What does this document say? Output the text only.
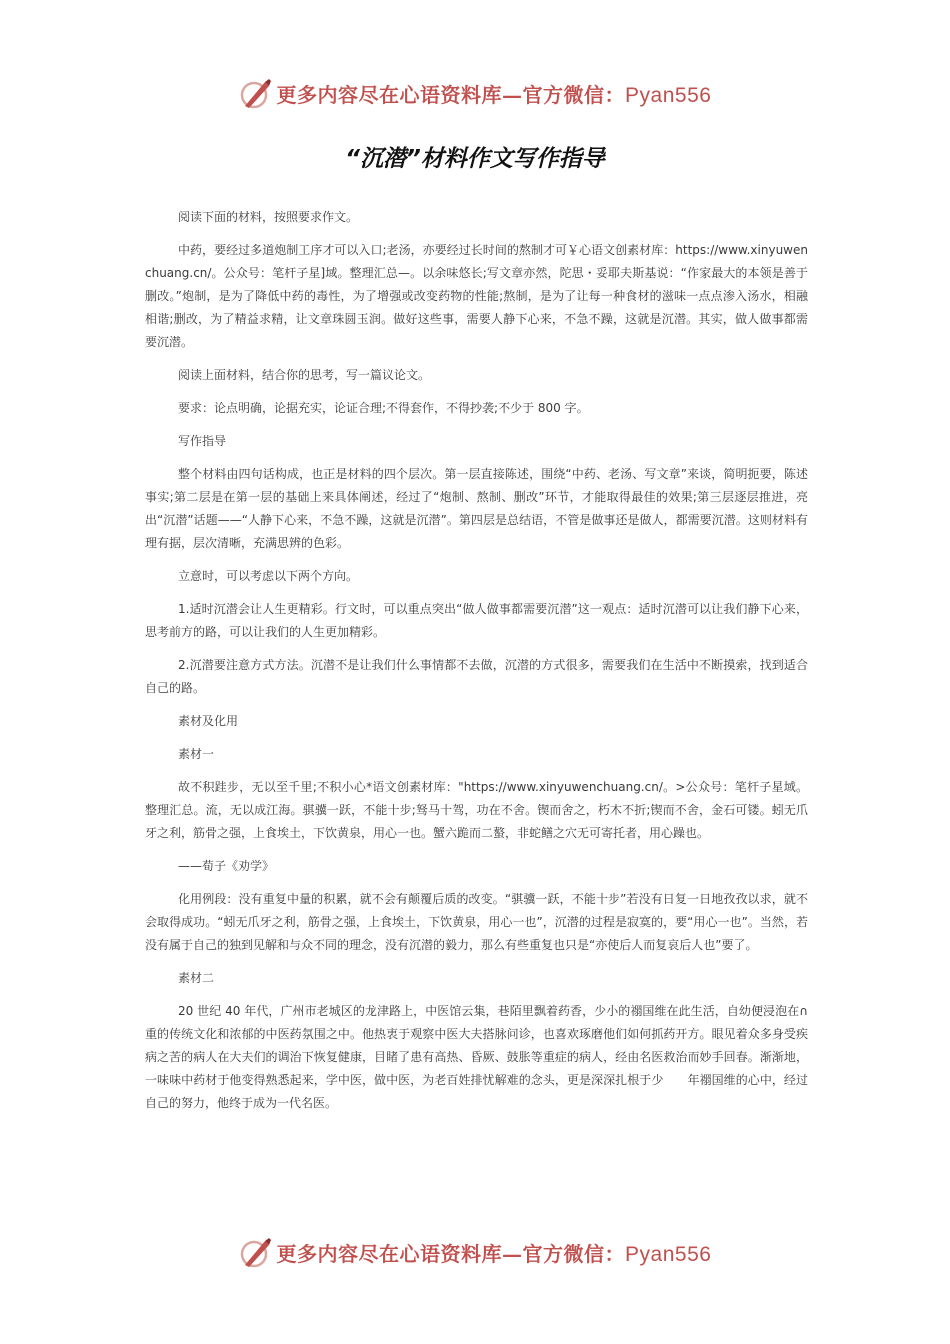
更多内容尽在心语资料库—官方微信：Pyan556
“沉潜”材料作文写作指导

阅读下面的材料，按照要求作文。

中药，要经过多道炮制工序才可以入口;老汤，亦要经过长时间的熬制才可￥心语文创素材库：https://www.xinyuwenchuang.cn/。公众号：笔杆子星]域。整理汇总—。以余味悠长;写文章亦然，陀思・妥耶夫斯基说：“作家最大的本领是善于删改。”炮制，是为了降低中药的毒性，为了增强或改变药物的性能;熬制，是为了让每一种食材的滋味一点点渗入汤水，相融相谐;删改，为了精益求精，让文章珠圆玉润。做好这些事，需要人静下心来，不急不躁，这就是沉潜。其实，做人做事都需要沉潜。

阅读上面材料，结合你的思考，写一篇议论文。

要求：论点明确，论据充实，论证合理;不得套作，不得抄袭;不少于 800 字。

写作指导

整个材料由四句话构成，也正是材料的四个层次。第一层直接陈述，围绕“中药、老汤、写文章”来谈，简明扼要，陈述事实;第二层是在第一层的基础上来具体阐述，经过了“炮制、熬制、删改”环节，才能取得最佳的效果;第三层逐层推进，亮出“沉潜”话题——“人静下心来，不急不躁，这就是沉潜”。第四层是总结语，不管是做事还是做人，都需要沉潜。这则材料有理有据，层次清晰，充满思辨的色彩。

立意时，可以考虑以下两个方向。

1.适时沉潜会让人生更精彩。行文时，可以重点突出“做人做事都需要沉潜”这一观点：适时沉潜可以让我们静下心来，思考前方的路，可以让我们的人生更加精彩。

2.沉潜要注意方式方法。沉潜不是让我们什么事情都不去做，沉潜的方式很多，需要我们在生活中不断摸索，找到适合自己的路。

素材及化用

素材一

故不积跬步，无以至千里;不积小心*语文创素材库："https://www.xinyuwenchuang.cn/。>公众号：笔杆子星域。整理汇总。流，无以成江海。骐骥一跃，不能十步;驽马十驾，功在不舍。锲而舍之，朽木不折;锲而不舍，金石可镂。蚓无爪牙之利，筋骨之强，上食埃土，下饮黄泉，用心一也。蟹六跪而二螯，非蛇鳝之穴无可寄托者，用心躁也。

——荀子《劝学》

化用例段：没有重复中量的积累，就不会有颠覆后质的改变。“骐骥一跃，不能十步”若没有日复一日地孜孜以求，就不会取得成功。“蚓无爪牙之利，筋骨之强，上食埃土，下饮黄泉，用心一也”，沉潜的过程是寂寞的，要“用心一也”。当然，若没有属于自己的独到见解和与众不同的理念，没有沉潜的毅力，那么有些重复也只是“亦使后人而复哀后人也”要了。

素材二

20 世纪 40 年代，广州市老城区的龙津路上，中医馆云集，巷陌里飘着药香，少小的禤国维在此生活，自幼便浸泡在∩重的传统文化和浓郁的中医药氛围之中。他热衷于观察中医大夫搭脉问诊，也喜欢琢磨他们如何抓药开方。眼见着众多身受疾病之苦的病人在大夫们的调治下恢复健康，目睹了患有高热、昏厥、鼓胀等重症的病人，经由名医救治而妙手回春。渐渐地，一味味中药材于他变得熟悉起来，学中医，做中医，为老百姓排忧解难的念头，更是深深扎根于少　　年禤国维的心中，经过自己的努力，他终于成为一代名医。

更多内容尽在心语资料库—官方微信：Pyan556
